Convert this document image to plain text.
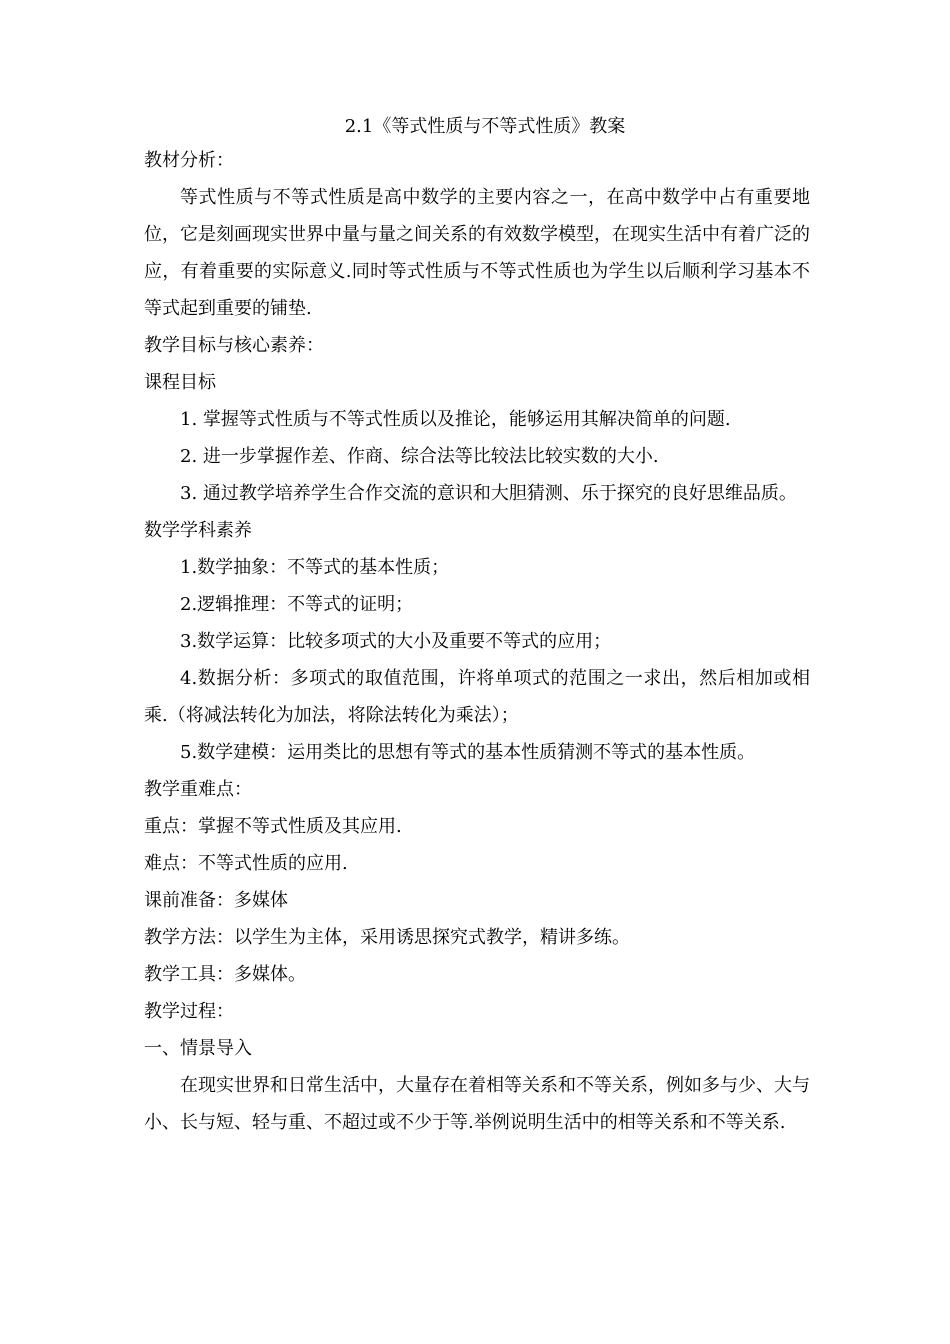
2.1《等式性质与不等式性质》教案

教材分析：

等式性质与不等式性质是高中数学的主要内容之一，在高中数学中占有重要地位，它是刻画现实世界中量与量之间关系的有效数学模型，在现实生活中有着广泛的应，有着重要的实际意义.同时等式性质与不等式性质也为学生以后顺利学习基本不等式起到重要的铺垫.

教学目标与核心素养：

课程目标

1. 掌握等式性质与不等式性质以及推论，能够运用其解决简单的问题.

2. 进一步掌握作差、作商、综合法等比较法比较实数的大小.

3. 通过教学培养学生合作交流的意识和大胆猜测、乐于探究的良好思维品质。

数学学科素养

1.数学抽象：不等式的基本性质；

2.逻辑推理：不等式的证明；

3.数学运算：比较多项式的大小及重要不等式的应用；

4.数据分析：多项式的取值范围，许将单项式的范围之一求出，然后相加或相乘.（将减法转化为加法，将除法转化为乘法）；

5.数学建模：运用类比的思想有等式的基本性质猜测不等式的基本性质。

教学重难点：

重点：掌握不等式性质及其应用.

难点：不等式性质的应用.

课前准备：多媒体

教学方法：以学生为主体，采用诱思探究式教学，精讲多练。

教学工具：多媒体。

教学过程：

一、情景导入

在现实世界和日常生活中，大量存在着相等关系和不等关系，例如多与少、大与小、长与短、轻与重、不超过或不少于等.举例说明生活中的相等关系和不等关系.
